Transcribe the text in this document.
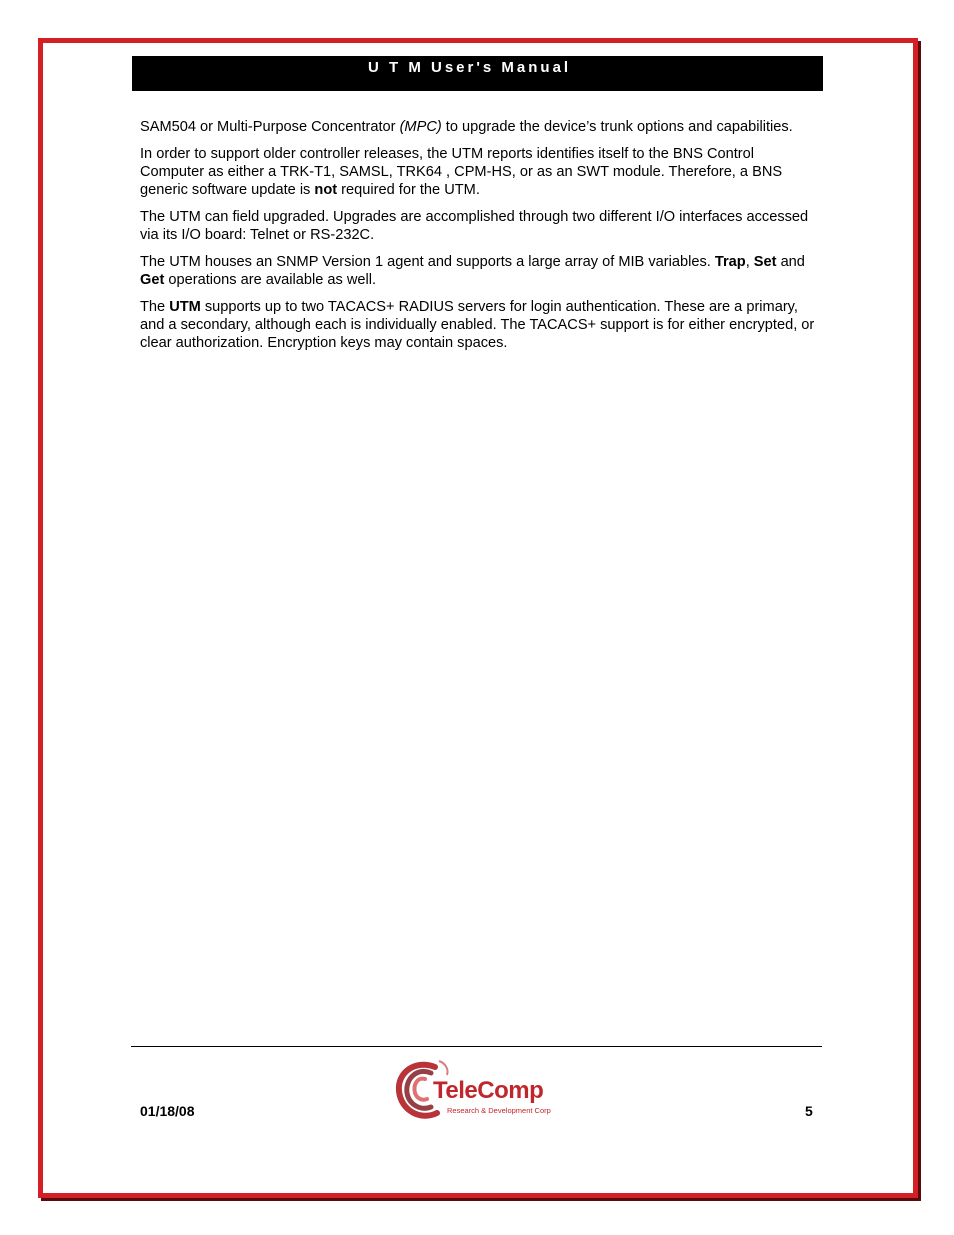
U T M User's Manual

SAM504 or Multi-Purpose Concentrator (MPC) to upgrade the device’s trunk options and capabilities.

In order to support older controller releases, the UTM reports identifies itself to the BNS Control Computer as either a TRK-T1, SAMSL, TRK64 , CPM-HS, or as an SWT module. Therefore, a BNS generic software update is not required for the UTM.

The UTM can field upgraded. Upgrades are accomplished through two different I/O interfaces accessed via its I/O board: Telnet or RS-232C.

The UTM houses an SNMP Version 1 agent and supports a large array of MIB variables. Trap, Set and Get operations are available as well.

The UTM supports up to two TACACS+ RADIUS servers for login authentication. These are a primary, and a secondary, although each is individually enabled. The TACACS+ support is for either encrypted, or clear authorization. Encryption keys may contain spaces.

01/18/08
TeleComp
Research & Development Corp	5
